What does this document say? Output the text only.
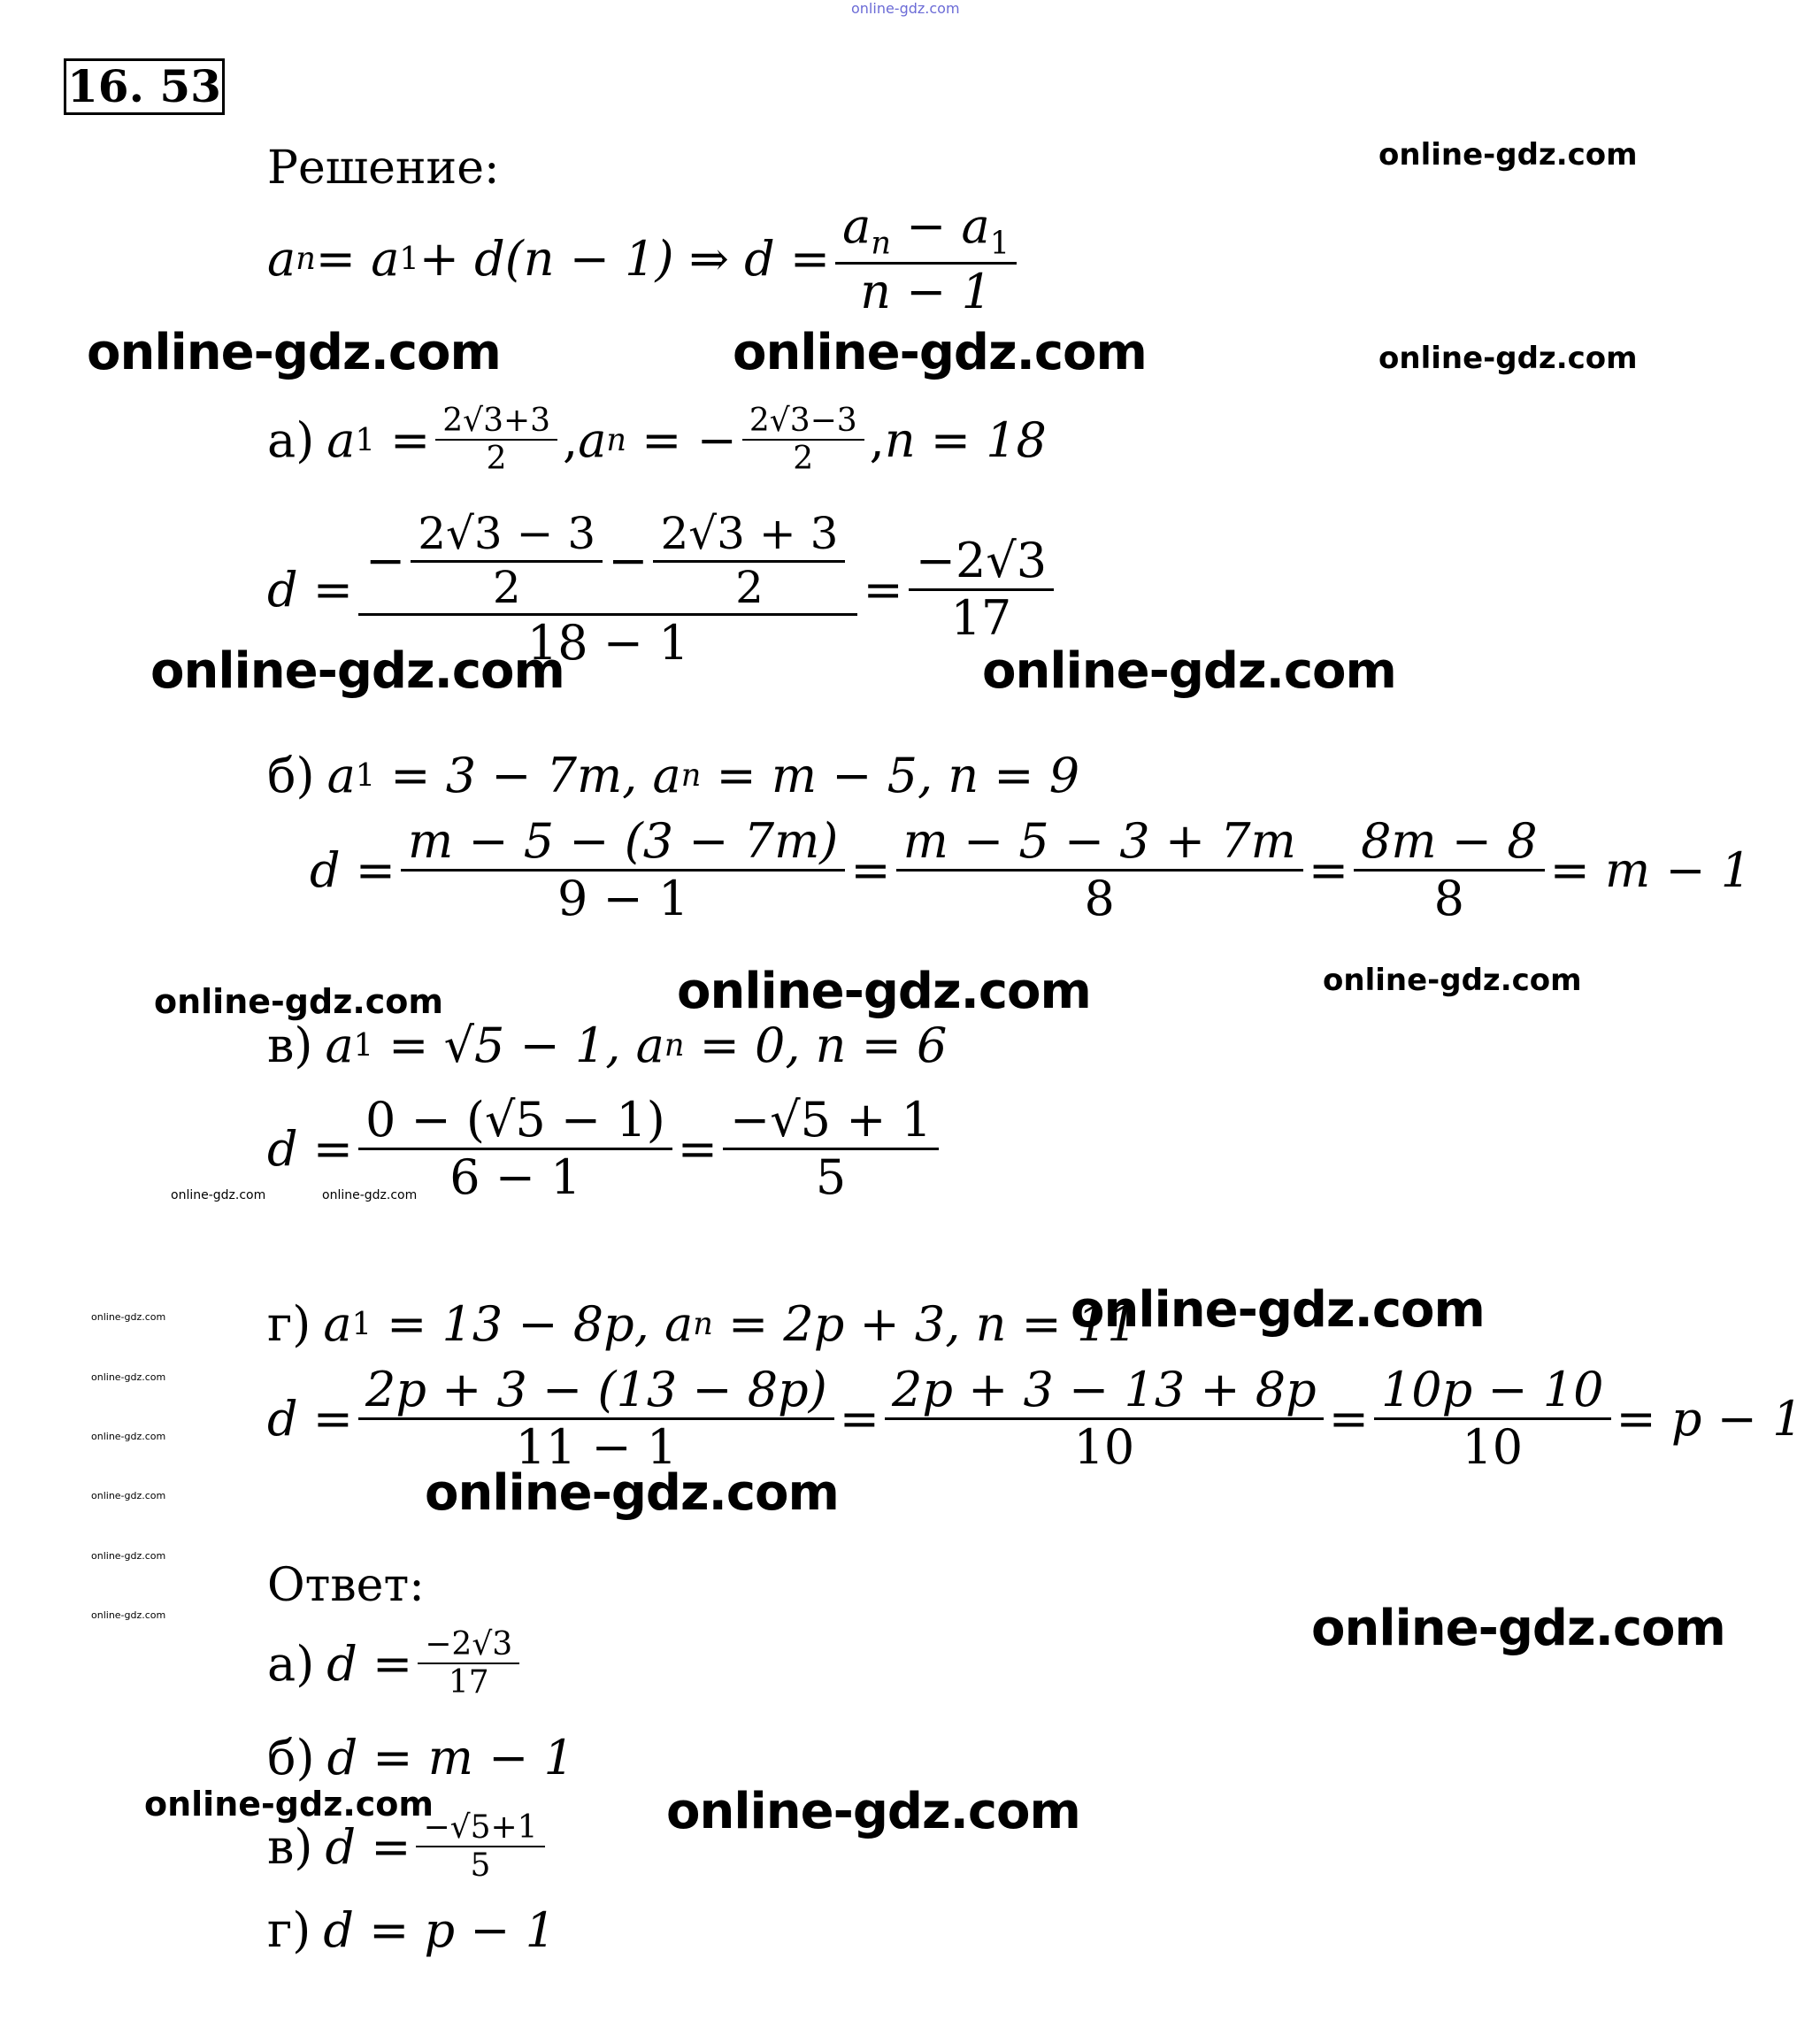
online-gdz.com
16. 53
Решение:
a n = a 1 + d(n − 1) ⇒ $d = \frac{a_n - a_1}{n - 1}$
а) a $1 = \frac{2√3+3}{2}$ , a n = − $\frac{2√3-3}{2}$ , n = 18
$d = \frac{- \frac{2√3 - 3}{2} - \frac{2√3 + 3}{2}}{18 - 1} = \frac{-2√3}{17}$
б) a 1
= 3 − 7m, a n
= m − 5, n = 9
$d = \frac{m - 5 - (3 - 7m)}{9 - 1} = \frac{m - 5 - 3 + 7m}{8} = \frac{8m - 8}{8} = m - 1$
в) a 1
= √5 − 1, a n
= 0, n = 6
$d = \frac{0 - (√5 - 1)}{6 - 1} = \frac{-√5 + 1}{5}$
г) a 1
= 13 − 8p, a n
= 2p + 3, n = 11
$d = \frac{2p + 3 - (13 - 8p)}{11 - 1} = \frac{2p + 3 - 13 + 8p}{10} = \frac{10p - 10}{10} = p - 1$
Ответ:
а) $d = \frac{-2√3}{17}$
б) d = m − 1
в) $d = \frac{-√5+1}{5}$
г) d = p − 1
online-gdz.com
online-gdz.com	online-gdz.com	online-gdz.com
online-gdz.com	online-gdz.com
online-gdz.com	online-gdz.com	online-gdz.com
online-gdz.com	online-gdz.com
online-gdz.com
online-gdz.com
online-gdz.com
online-gdz.com
online-gdz.com
online-gdz.com
online-gdz.com
online-gdz.com
online-gdz.com
online-gdz.com	online-gdz.com
